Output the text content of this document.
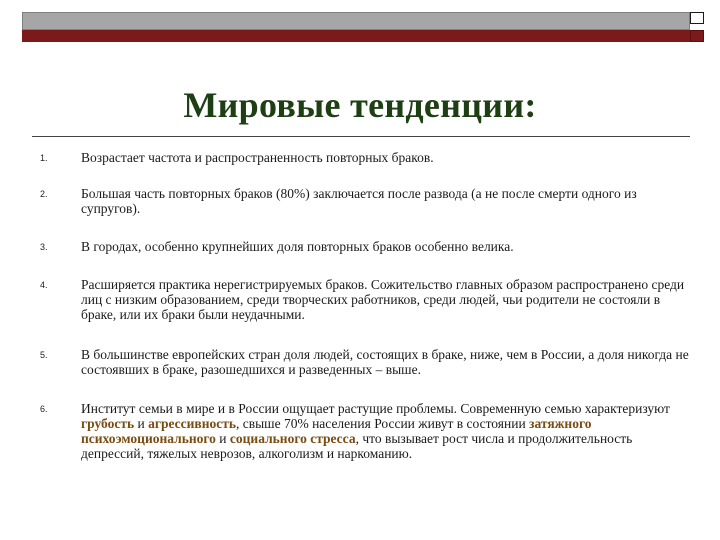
Мировые тенденции:
1.	Возрастает частота и распространенность повторных браков.
2.	Большая часть повторных браков (80%) заключается после развода (а не после смерти одного из супругов).
3.	В городах, особенно крупнейших доля повторных браков особенно велика.
4.	Расширяется практика нерегистрируемых браков. Сожительство главных образом распространено среди лиц с низким образованием, среди творческих работников, среди людей, чьи родители не состояли в браке, или их браки были неудачными.
5.	В большинстве европейских стран доля людей, состоящих в браке, ниже, чем в России, а доля никогда не состоявших в браке, разошедшихся и разведенных – выше.
6.	Институт семьи в мире и в России ощущает растущие проблемы. Современную семью характеризуют грубость и агрессивность, свыше 70% населения России живут в состоянии затяжного психоэмоционального и социального стресса, что вызывает рост числа и продолжительность депрессий, тяжелых неврозов, алкоголизм и наркоманию.
